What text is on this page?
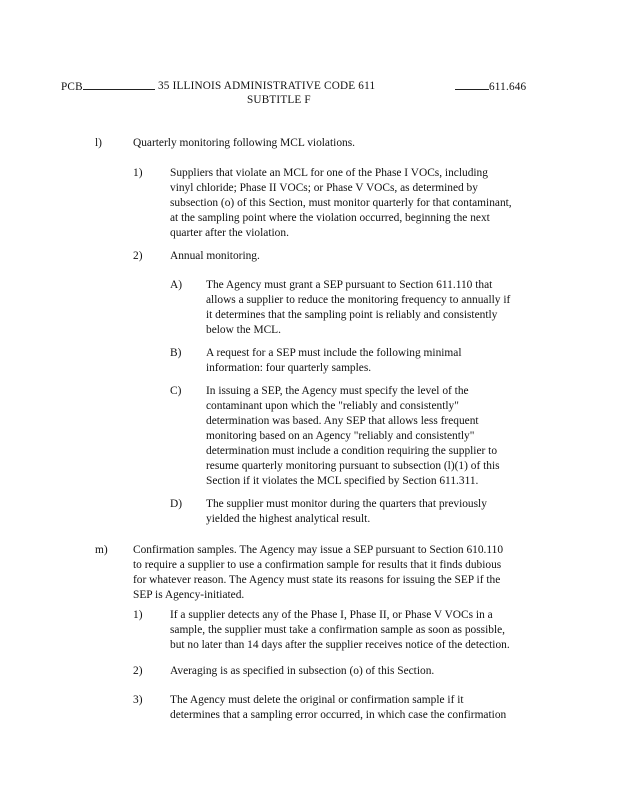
PCB	35 ILLINOIS ADMINISTRATIVE CODE 611
SUBTITLE F
611.646
l)	Quarterly monitoring following MCL violations.
1) Suppliers that violate an MCL for one of the Phase I VOCs, including
vinyl chloride; Phase II VOCs; or Phase V VOCs, as determined by
subsection (o) of this Section, must monitor quarterly for that contaminant,
at the sampling point where the violation occurred, beginning the next
quarter after the violation.
2) Annual monitoring.
A) The Agency must grant a SEP pursuant to Section 611.110 that
allows a supplier to reduce the monitoring frequency to annually if
it determines that the sampling point is reliably and consistently
below the MCL.
B) A request for a SEP must include the following minimal
information: four quarterly samples.
C) In issuing a SEP, the Agency must specify the level of the
contaminant upon which the "reliably and consistently"
determination was based. Any SEP that allows less frequent
monitoring based on an Agency "reliably and consistently"
determination must include a condition requiring the supplier to
resume quarterly monitoring pursuant to subsection (l)(1) of this
Section if it violates the MCL specified by Section 611.311.
D) The supplier must monitor during the quarters that previously
yielded the highest analytical result.
m) Confirmation samples. The Agency may issue a SEP pursuant to Section 610.110
to require a supplier to use a confirmation sample for results that it finds dubious
for whatever reason. The Agency must state its reasons for issuing the SEP if the
SEP is Agency-initiated.
1) If a supplier detects any of the Phase I, Phase II, or Phase V VOCs in a
sample, the supplier must take a confirmation sample as soon as possible,
but no later than 14 days after the supplier receives notice of the detection.
2) Averaging is as specified in subsection (o) of this Section.
3) The Agency must delete the original or confirmation sample if it
determines that a sampling error occurred, in which case the confirmation
